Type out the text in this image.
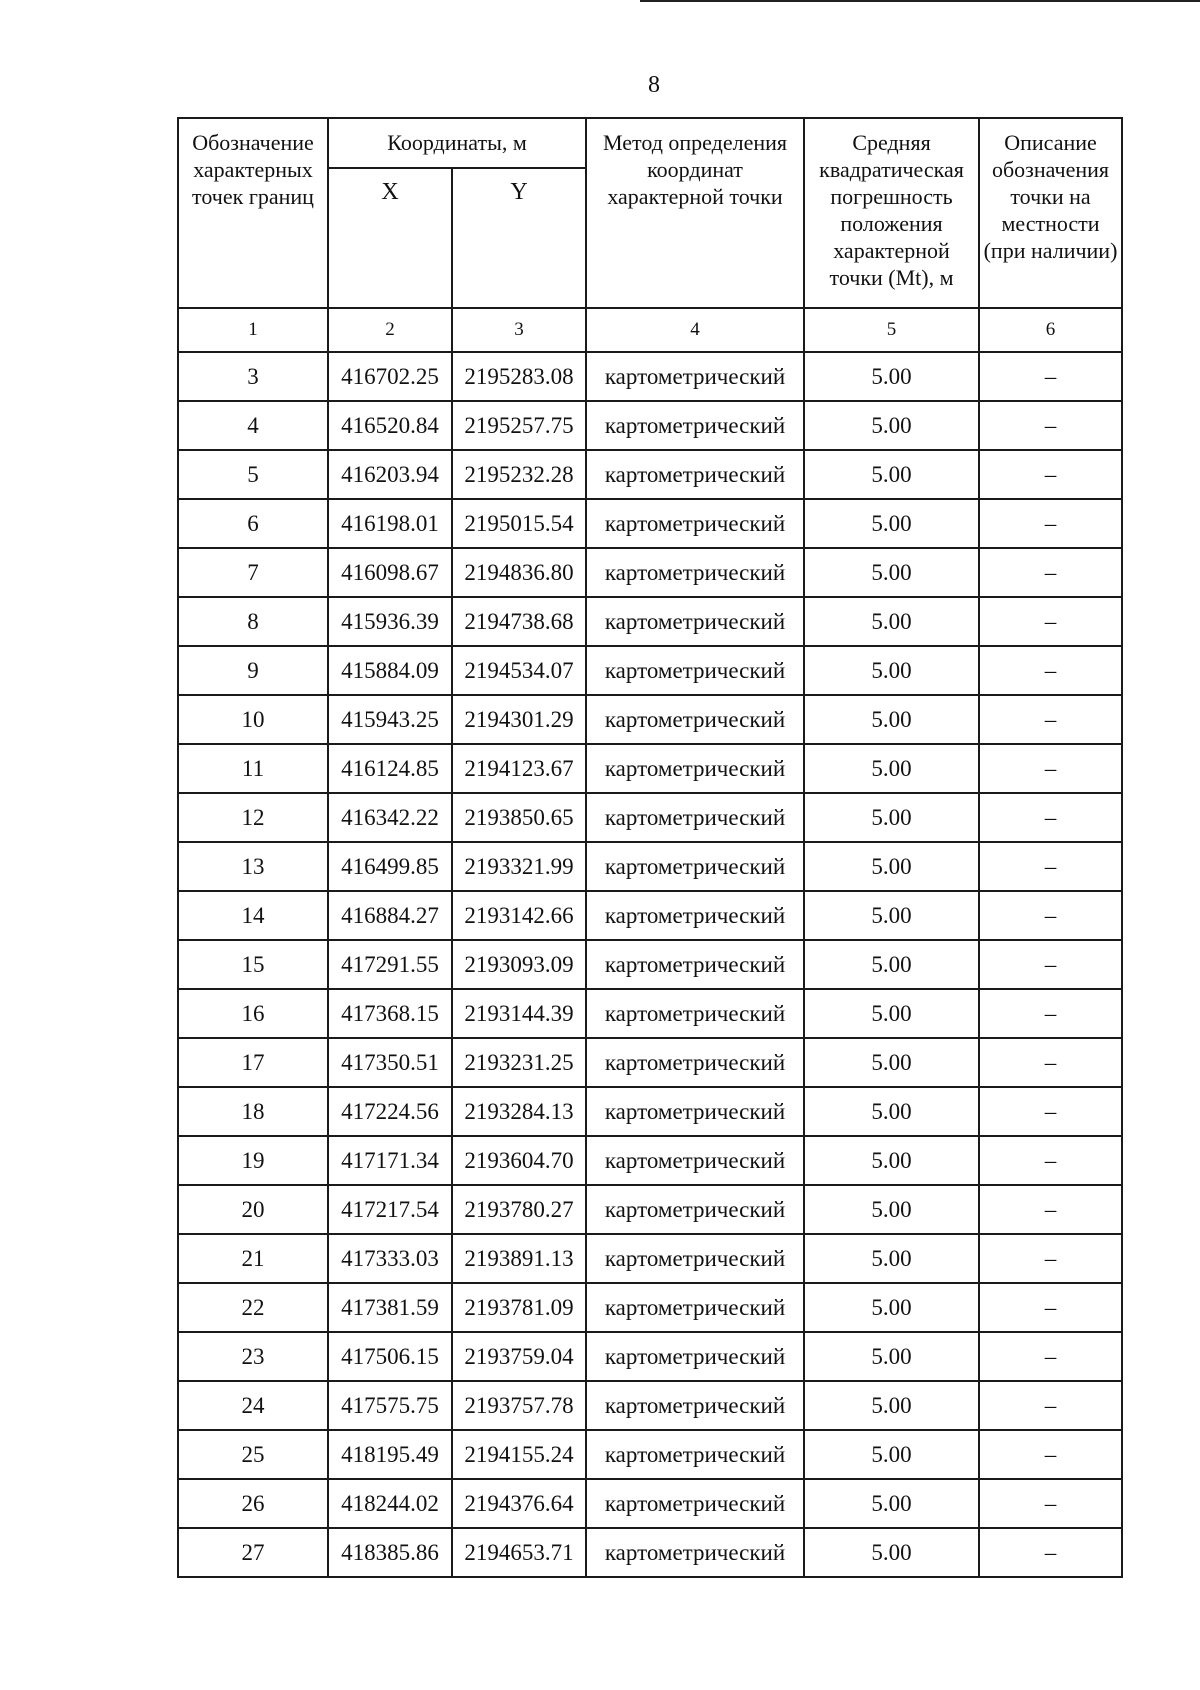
8
Обозначение характерных точек границ	Координаты, м		Метод определения координат характерной точки	Средняя квадратическая погрешность положения характерной точки (Mt), м	Описание обозначения точки на местности (при наличии)
	X	Y			
1	2	3	4	5	6
3	416702.25	2195283.08	картометрический	5.00	–
4	416520.84	2195257.75	картометрический	5.00	–
5	416203.94	2195232.28	картометрический	5.00	–
6	416198.01	2195015.54	картометрический	5.00	–
7	416098.67	2194836.80	картометрический	5.00	–
8	415936.39	2194738.68	картометрический	5.00	–
9	415884.09	2194534.07	картометрический	5.00	–
10	415943.25	2194301.29	картометрический	5.00	–
11	416124.85	2194123.67	картометрический	5.00	–
12	416342.22	2193850.65	картометрический	5.00	–
13	416499.85	2193321.99	картометрический	5.00	–
14	416884.27	2193142.66	картометрический	5.00	–
15	417291.55	2193093.09	картометрический	5.00	–
16	417368.15	2193144.39	картометрический	5.00	–
17	417350.51	2193231.25	картометрический	5.00	–
18	417224.56	2193284.13	картометрический	5.00	–
19	417171.34	2193604.70	картометрический	5.00	–
20	417217.54	2193780.27	картометрический	5.00	–
21	417333.03	2193891.13	картометрический	5.00	–
22	417381.59	2193781.09	картометрический	5.00	–
23	417506.15	2193759.04	картометрический	5.00	–
24	417575.75	2193757.78	картометрический	5.00	–
25	418195.49	2194155.24	картометрический	5.00	–
26	418244.02	2194376.64	картометрический	5.00	–
27	418385.86	2194653.71	картометрический	5.00	–
